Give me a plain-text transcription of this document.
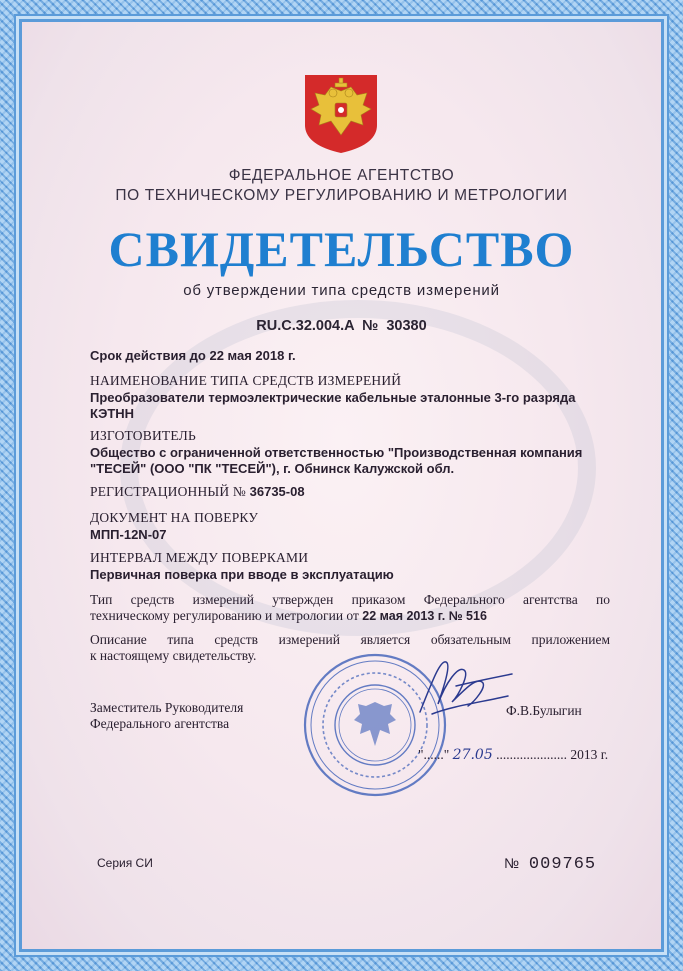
ФЕДЕРАЛЬНОЕ АГЕНТСТВО
ПО ТЕХНИЧЕСКОМУ РЕГУЛИРОВАНИЮ И МЕТРОЛОГИИ
СВИДЕТЕЛЬСТВО
об утверждении типа средств измерений
RU.C.32.004.A  №  30380
Срок действия до 22 мая 2018 г.
НАИМЕНОВАНИЕ ТИПА СРЕДСТВ ИЗМЕРЕНИЙ
Преобразователи термоэлектрические кабельные эталонные 3-го разряда
КЭТНН
ИЗГОТОВИТЕЛЬ
Общество с ограниченной ответственностью "Производственная компания
"ТЕСЕЙ" (ООО "ПК "ТЕСЕЙ"), г. Обнинск Калужской обл.
РЕГИСТРАЦИОННЫЙ № 36735-08
ДОКУМЕНТ НА ПОВЕРКУ
МПП-12N-07
ИНТЕРВАЛ МЕЖДУ ПОВЕРКАМИ
Первичная поверка при вводе в эксплуатацию
Тип средств измерений утвержден приказом Федерального агентства по
техническому регулированию и метрологии от 22 мая 2013 г. № 516
Описание типа средств измерений является обязательным приложением
к настоящему свидетельству.
Заместитель Руководителя
Федерального агентства
Ф.В.Булыгин
"......" 27.05 ..................... 2013 г.
Серия СИ	№ 009765
